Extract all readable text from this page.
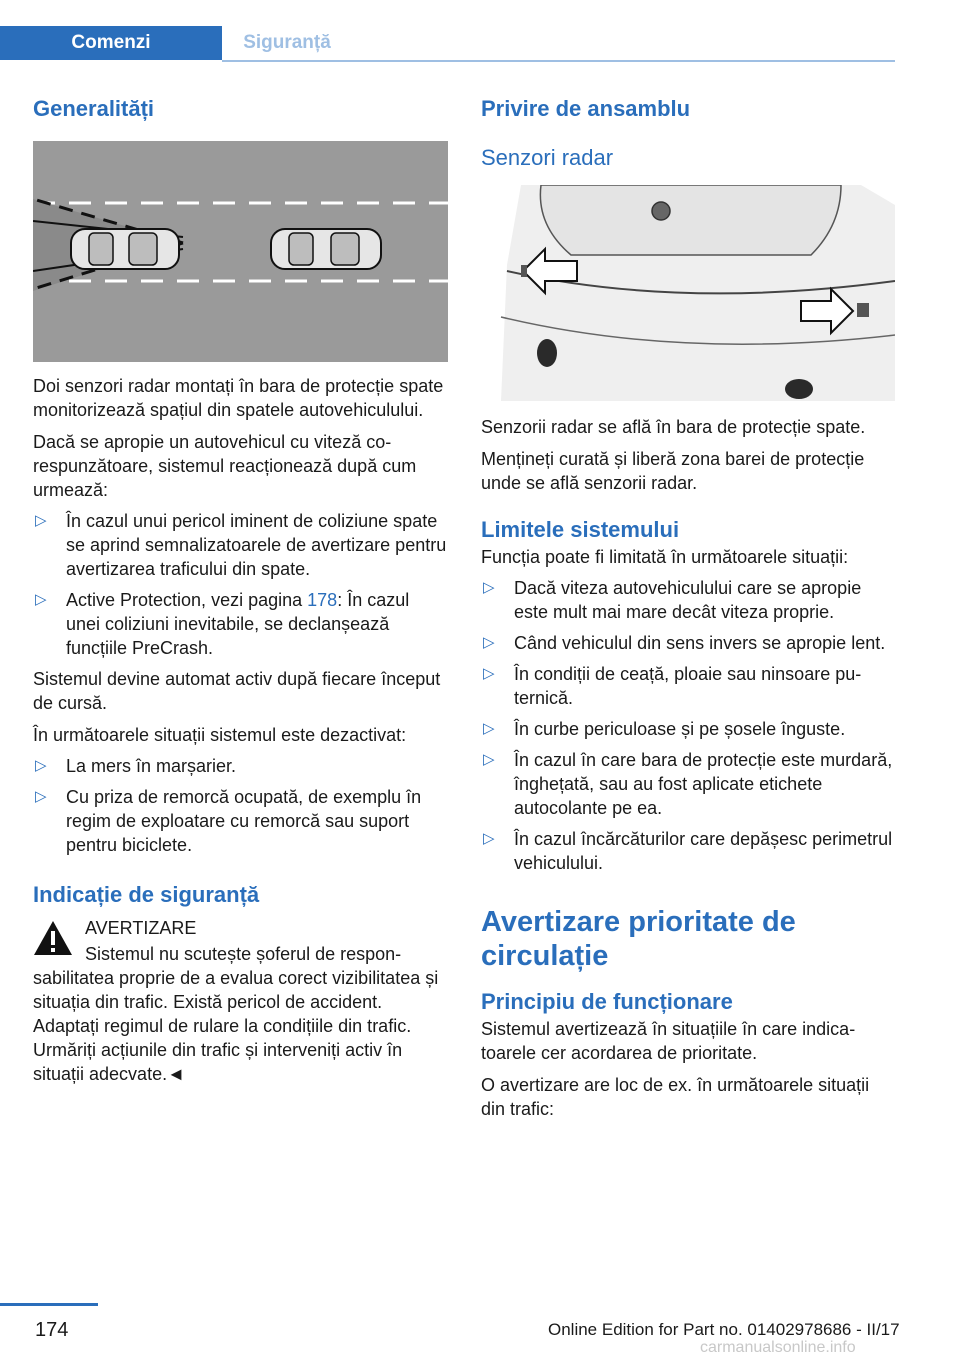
Comenzi	Siguranță
Generalități

Doi senzori radar montați în bara de protecție spate monitorizează spațiul din spatele autovehiculului.

Dacă se apropie un autovehicul cu viteză corespunzătoare, sistemul reacționează după cum urmează:

▷ În cazul unui pericol iminent de coliziune spate se aprind semnalizatoarele de avertizare pentru avertizarea traficului din spate.
▷ Active Protection, vezi pagina 178: În cazul unei coliziuni inevitabile, se declanșează funcțiile PreCrash.

Sistemul devine automat activ după fiecare început de cursă.

În următoarele situații sistemul este dezactivat:

▷ La mers în marșarier.
▷ Cu priza de remorcă ocupată, de exemplu în regim de exploatare cu remorcă sau suport pentru biciclete.
Indicație de siguranță

AVERTIZARE

Sistemul nu scutește șoferul de responsabilitatea proprie de a evalua corect vizibilitatea și situația din trafic. Există pericol de accident. Adaptați regimul de rulare la condițiile din trafic. Urmăriți acțiunile din trafic și interveniți activ în situații adecvate.◄

Privire de ansamblu
Senzori radar

Senzorii radar se află în bara de protecție spate.

Mențineți curată și liberă zona barei de protecție unde se află senzorii radar.

Limitele sistemului

Funcția poate fi limitată în următoarele situații:

▷ Dacă viteza autovehiculului care se apropie este mult mai mare decât viteza proprie.
▷ Când vehiculul din sens invers se apropie lent.
▷ În condiții de ceață, ploaie sau ninsoare puternică.
▷ În curbe periculoase și pe șosele înguste.
▷ În cazul în care bara de protecție este murdară, înghețată, sau au fost aplicate etichete autocolante pe ea.
▷ În cazul încărcăturilor care depășesc perimetrul vehiculului.
Avertizare prioritate de circulație
Principiu de funcționare

Sistemul avertizează în situațiile în care indicatoarele cer acordarea de prioritate.

O avertizare are loc de ex. în următoarele situații din trafic:

174	Online Edition for Part no. 01402978686 - II/17
carmanualsonline.info
